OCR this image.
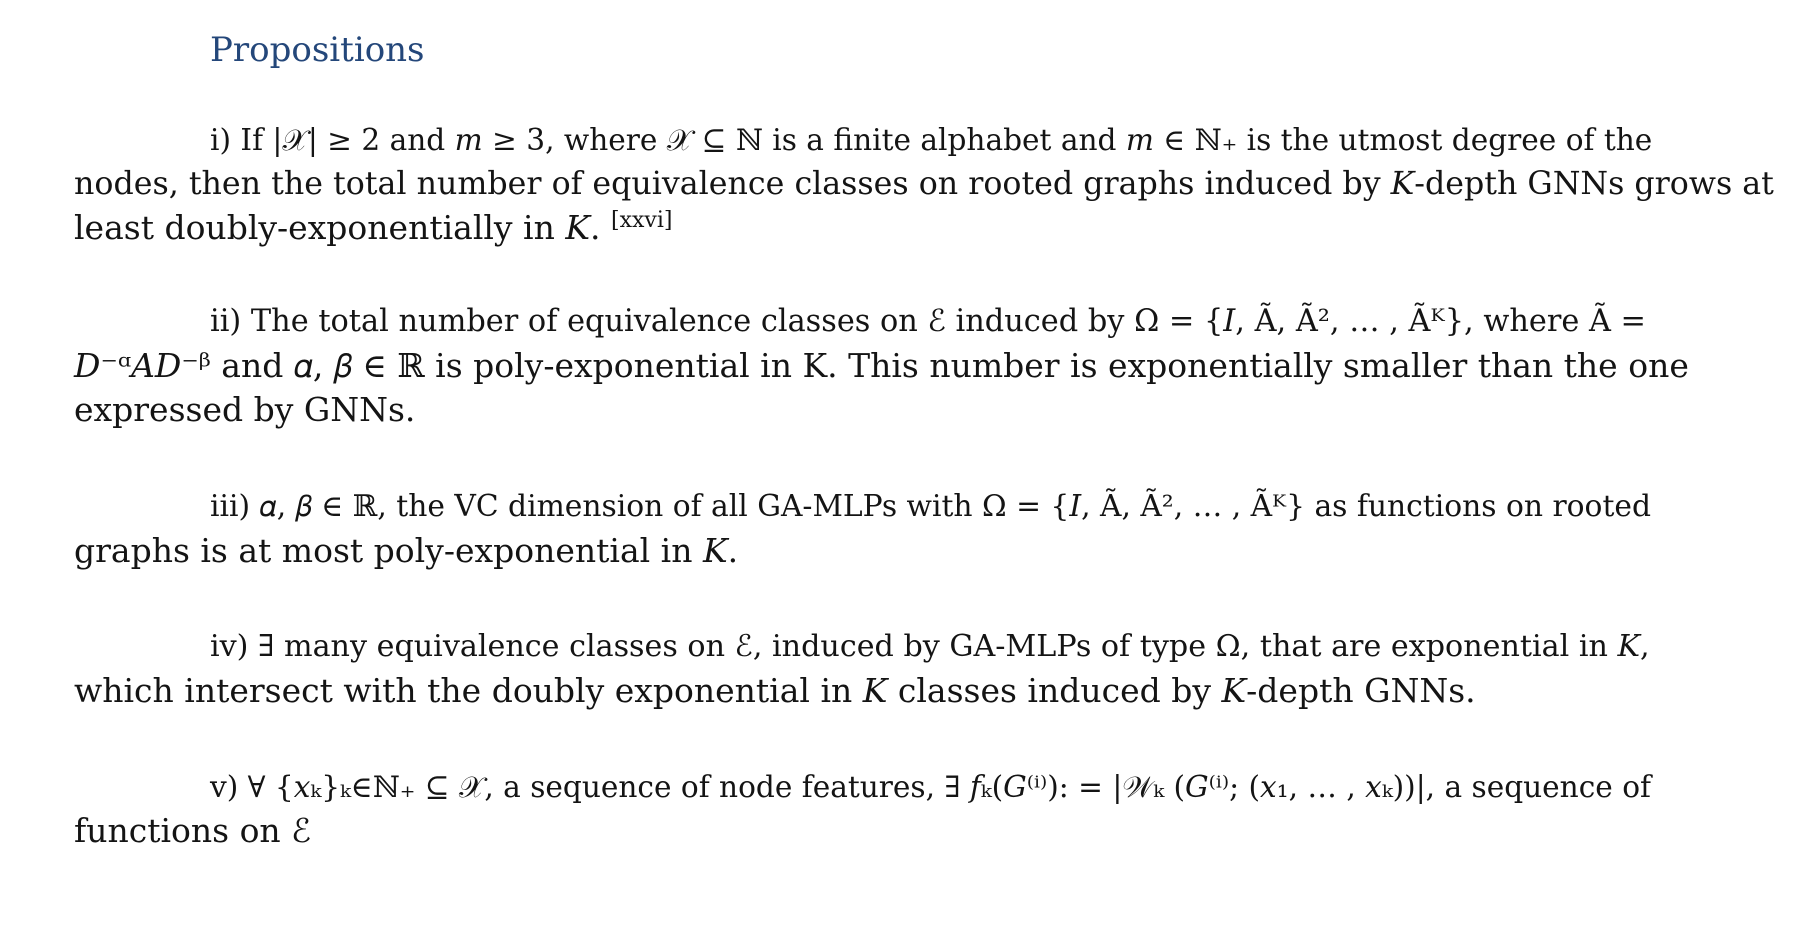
Propositions
i) If |𝒳| ≥ 2 and 𝑚 ≥ 3, where 𝒳 ⊆ ℕ is a finite alphabet and 𝑚 ∈ ℕ₊ is the utmost degree of the
nodes, then the total number of equivalence classes on rooted graphs induced by 𝐾-depth GNNs grows at
least doubly-exponentially in 𝐾. [xxvi]
ii) The total number of equivalence classes on ℰ induced by Ω = {𝐼, Ã, Ã², … , Ãᴷ}, where Ã =
𝐷⁻ᵅ𝐴𝐷⁻ᵝ and 𝛼, 𝛽 ∈ ℝ is poly-exponential in K. This number is exponentially smaller than the one
expressed by GNNs.
iii) 𝛼, 𝛽 ∈ ℝ, the VC dimension of all GA-MLPs with Ω = {𝐼, Ã, Ã², … , Ãᴷ} as functions on rooted
graphs is at most poly-exponential in 𝐾.
iv) ∃ many equivalence classes on ℰ, induced by GA-MLPs of type Ω, that are exponential in 𝐾,
which intersect with the doubly exponential in 𝐾 classes induced by 𝐾-depth GNNs.
v) ∀ {𝑥ₖ}ₖ∈ℕ₊ ⊆ 𝒳, a sequence of node features, ∃ 𝑓ₖ(𝐺⁽ⁱ⁾): = |𝒲ₖ (𝐺⁽ⁱ⁾; (𝑥₁, … , 𝑥ₖ))|, a sequence of
functions on ℰ
